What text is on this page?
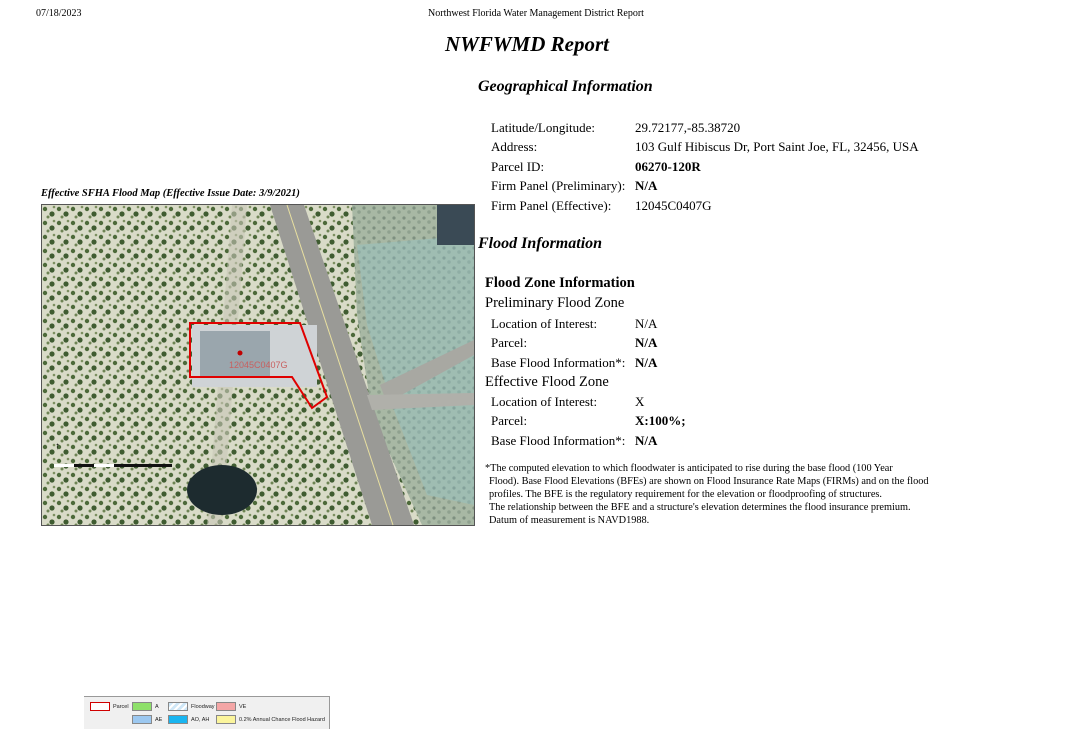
07/18/2023	Northwest Florida Water Management District Report
NWFWMD Report
Geographical Information
Latitude/Longitude:	29.72177,-85.38720
Address:	103 Gulf Hibiscus Dr, Port Saint Joe, FL, 32456, USA
Parcel ID:	06270-120R
Firm Panel (Preliminary): N/A
Firm Panel (Effective): 12045C0407G
Flood Information
Flood Zone Information
Preliminary Flood Zone
Location of Interest:	N/A
Parcel:	N/A
Base Flood Information*: N/A
Effective Flood Zone
Location of Interest:	X
Parcel:	X:100%;
Base Flood Information*: N/A

*The computed elevation to which floodwater is anticipated to rise during the base flood (100 Year

Flood). Base Flood Elevations (BFEs) are shown on Flood Insurance Rate Maps (FIRMs) and on the flood

profiles. The BFE is the regulatory requirement for the elevation or floodproofing of structures.

The relationship between the BFE and a structure's elevation determines the flood insurance premium.

Datum of measurement is NAVD1988.

Effective SFHA Flood Map (Effective Issue Date: 3/9/2021)
12045C0407G
↑
Parcel	A	Floodway	VE
AE	AO, AH	0.2% Annual Chance Flood Hazard
